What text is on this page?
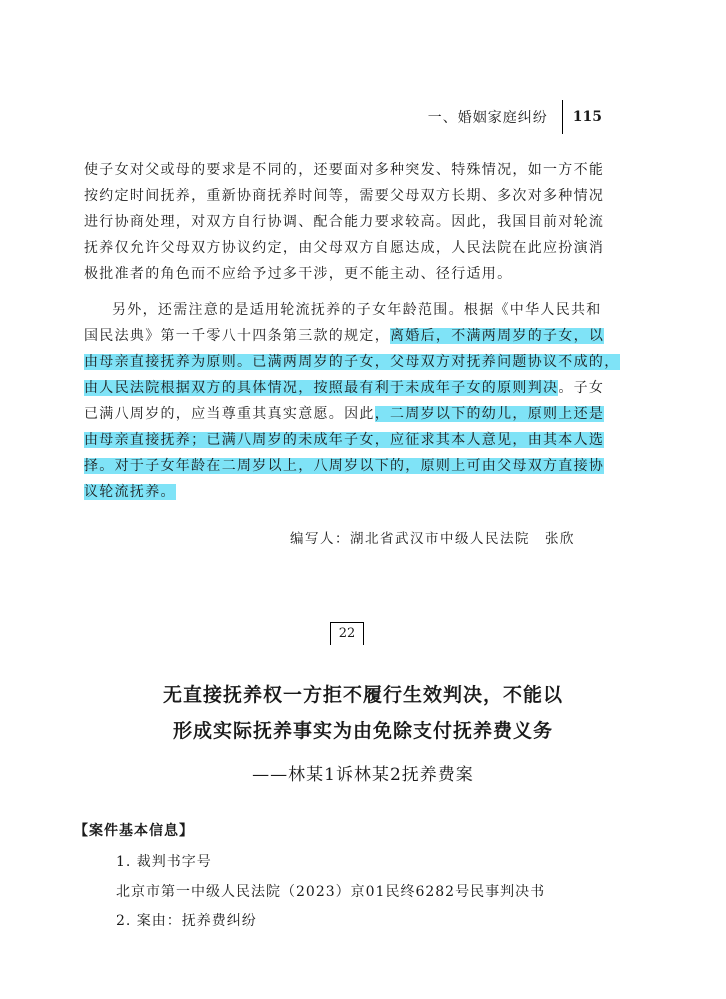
一、婚姻家庭纠纷	115
使子女对父或母的要求是不同的，还要面对多种突发、特殊情况，如一方不能
按约定时间抚养，重新协商抚养时间等，需要父母双方长期、多次对多种情况
进行协商处理，对双方自行协调、配合能力要求较高。因此，我国目前对轮流
抚养仅允许父母双方协议约定，由父母双方自愿达成，人民法院在此应扮演消
极批准者的角色而不应给予过多干涉，更不能主动、径行适用。
另外，还需注意的是适用轮流抚养的子女年龄范围。根据《中华人民共和
国民法典》第一千零八十四条第三款的规定，离婚后，不满两周岁的子女，以
由母亲直接抚养为原则。已满两周岁的子女，父母双方对抚养问题协议不成的，
由人民法院根据双方的具体情况，按照最有利于未成年子女的原则判决。子女
已满八周岁的，应当尊重其真实意愿。因此，二周岁以下的幼儿，原则上还是
由母亲直接抚养；已满八周岁的未成年子女，应征求其本人意见，由其本人选
择。对于子女年龄在二周岁以上，八周岁以下的，原则上可由父母双方直接协
议轮流抚养。
编写人：湖北省武汉市中级人民法院　张欣
22
无直接抚养权一方拒不履行生效判决，不能以
形成实际抚养事实为由免除支付抚养费义务
——林某1诉林某2抚养费案
【案件基本信息】
1. 裁判书字号
北京市第一中级人民法院（2023）京01民终6282号民事判决书
2. 案由：抚养费纠纷
